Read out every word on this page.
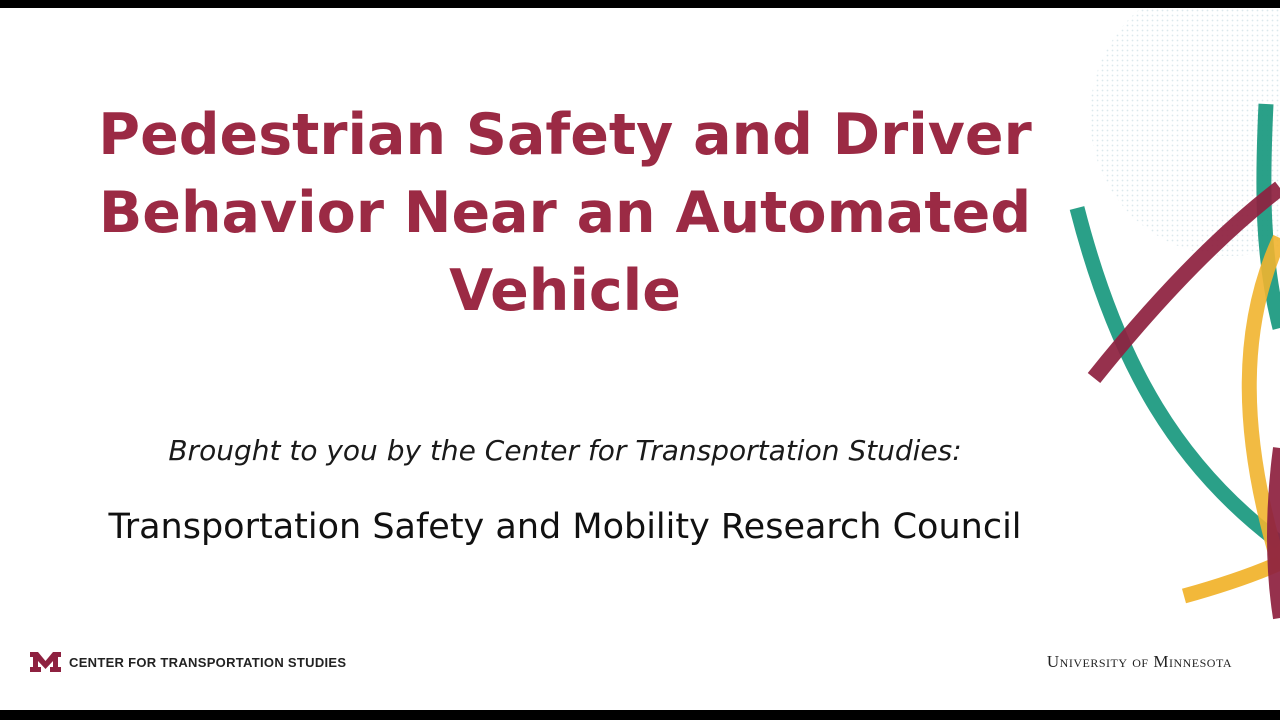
Pedestrian Safety and Driver
Behavior Near an Automated
Vehicle
Brought to you by the Center for Transportation Studies:
Transportation Safety and Mobility Research Council
CENTER FOR TRANSPORTATION STUDIES	University of Minnesota
